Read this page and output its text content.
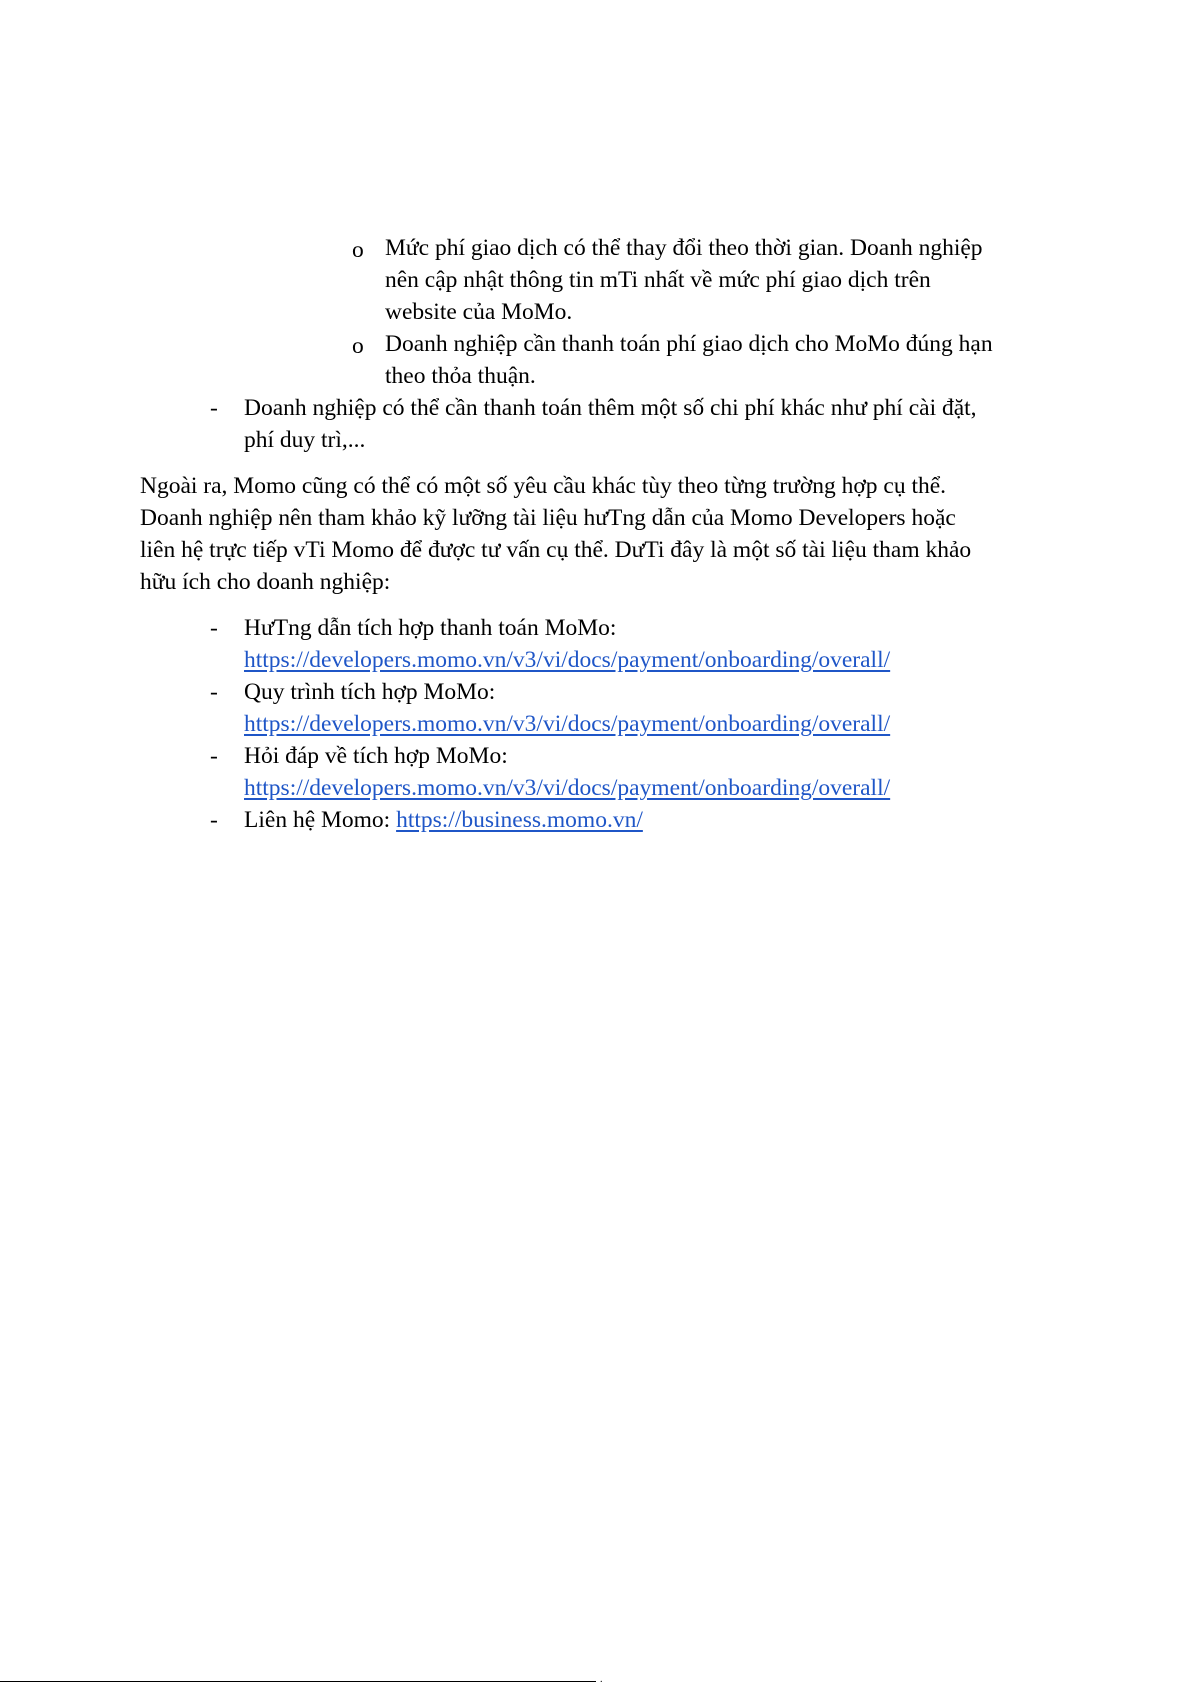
o Mức phí giao dịch có thể thay đổi theo thời gian. Doanh nghiệp
nên cập nhật thông tin mTi nhất về mức phí giao dịch trên
website của MoMo.
o Doanh nghiệp cần thanh toán phí giao dịch cho MoMo đúng hạn
theo thỏa thuận.
- Doanh nghiệp có thể cần thanh toán thêm một số chi phí khác như phí cài đặt,
phí duy trì,...
Ngoài ra, Momo cũng có thể có một số yêu cầu khác tùy theo từng trường hợp cụ thể.
Doanh nghiệp nên tham khảo kỹ lưỡng tài liệu hưTng dẫn của Momo Developers hoặc
liên hệ trực tiếp vTi Momo để được tư vấn cụ thể. DưTi đây là một số tài liệu tham khảo
hữu ích cho doanh nghiệp:
- HưTng dẫn tích hợp thanh toán MoMo:
https://developers.momo.vn/v3/vi/docs/payment/onboarding/overall/
- Quy trình tích hợp MoMo:
https://developers.momo.vn/v3/vi/docs/payment/onboarding/overall/
- Hỏi đáp về tích hợp MoMo:
https://developers.momo.vn/v3/vi/docs/payment/onboarding/overall/
- Liên hệ Momo: https://business.momo.vn/
.
